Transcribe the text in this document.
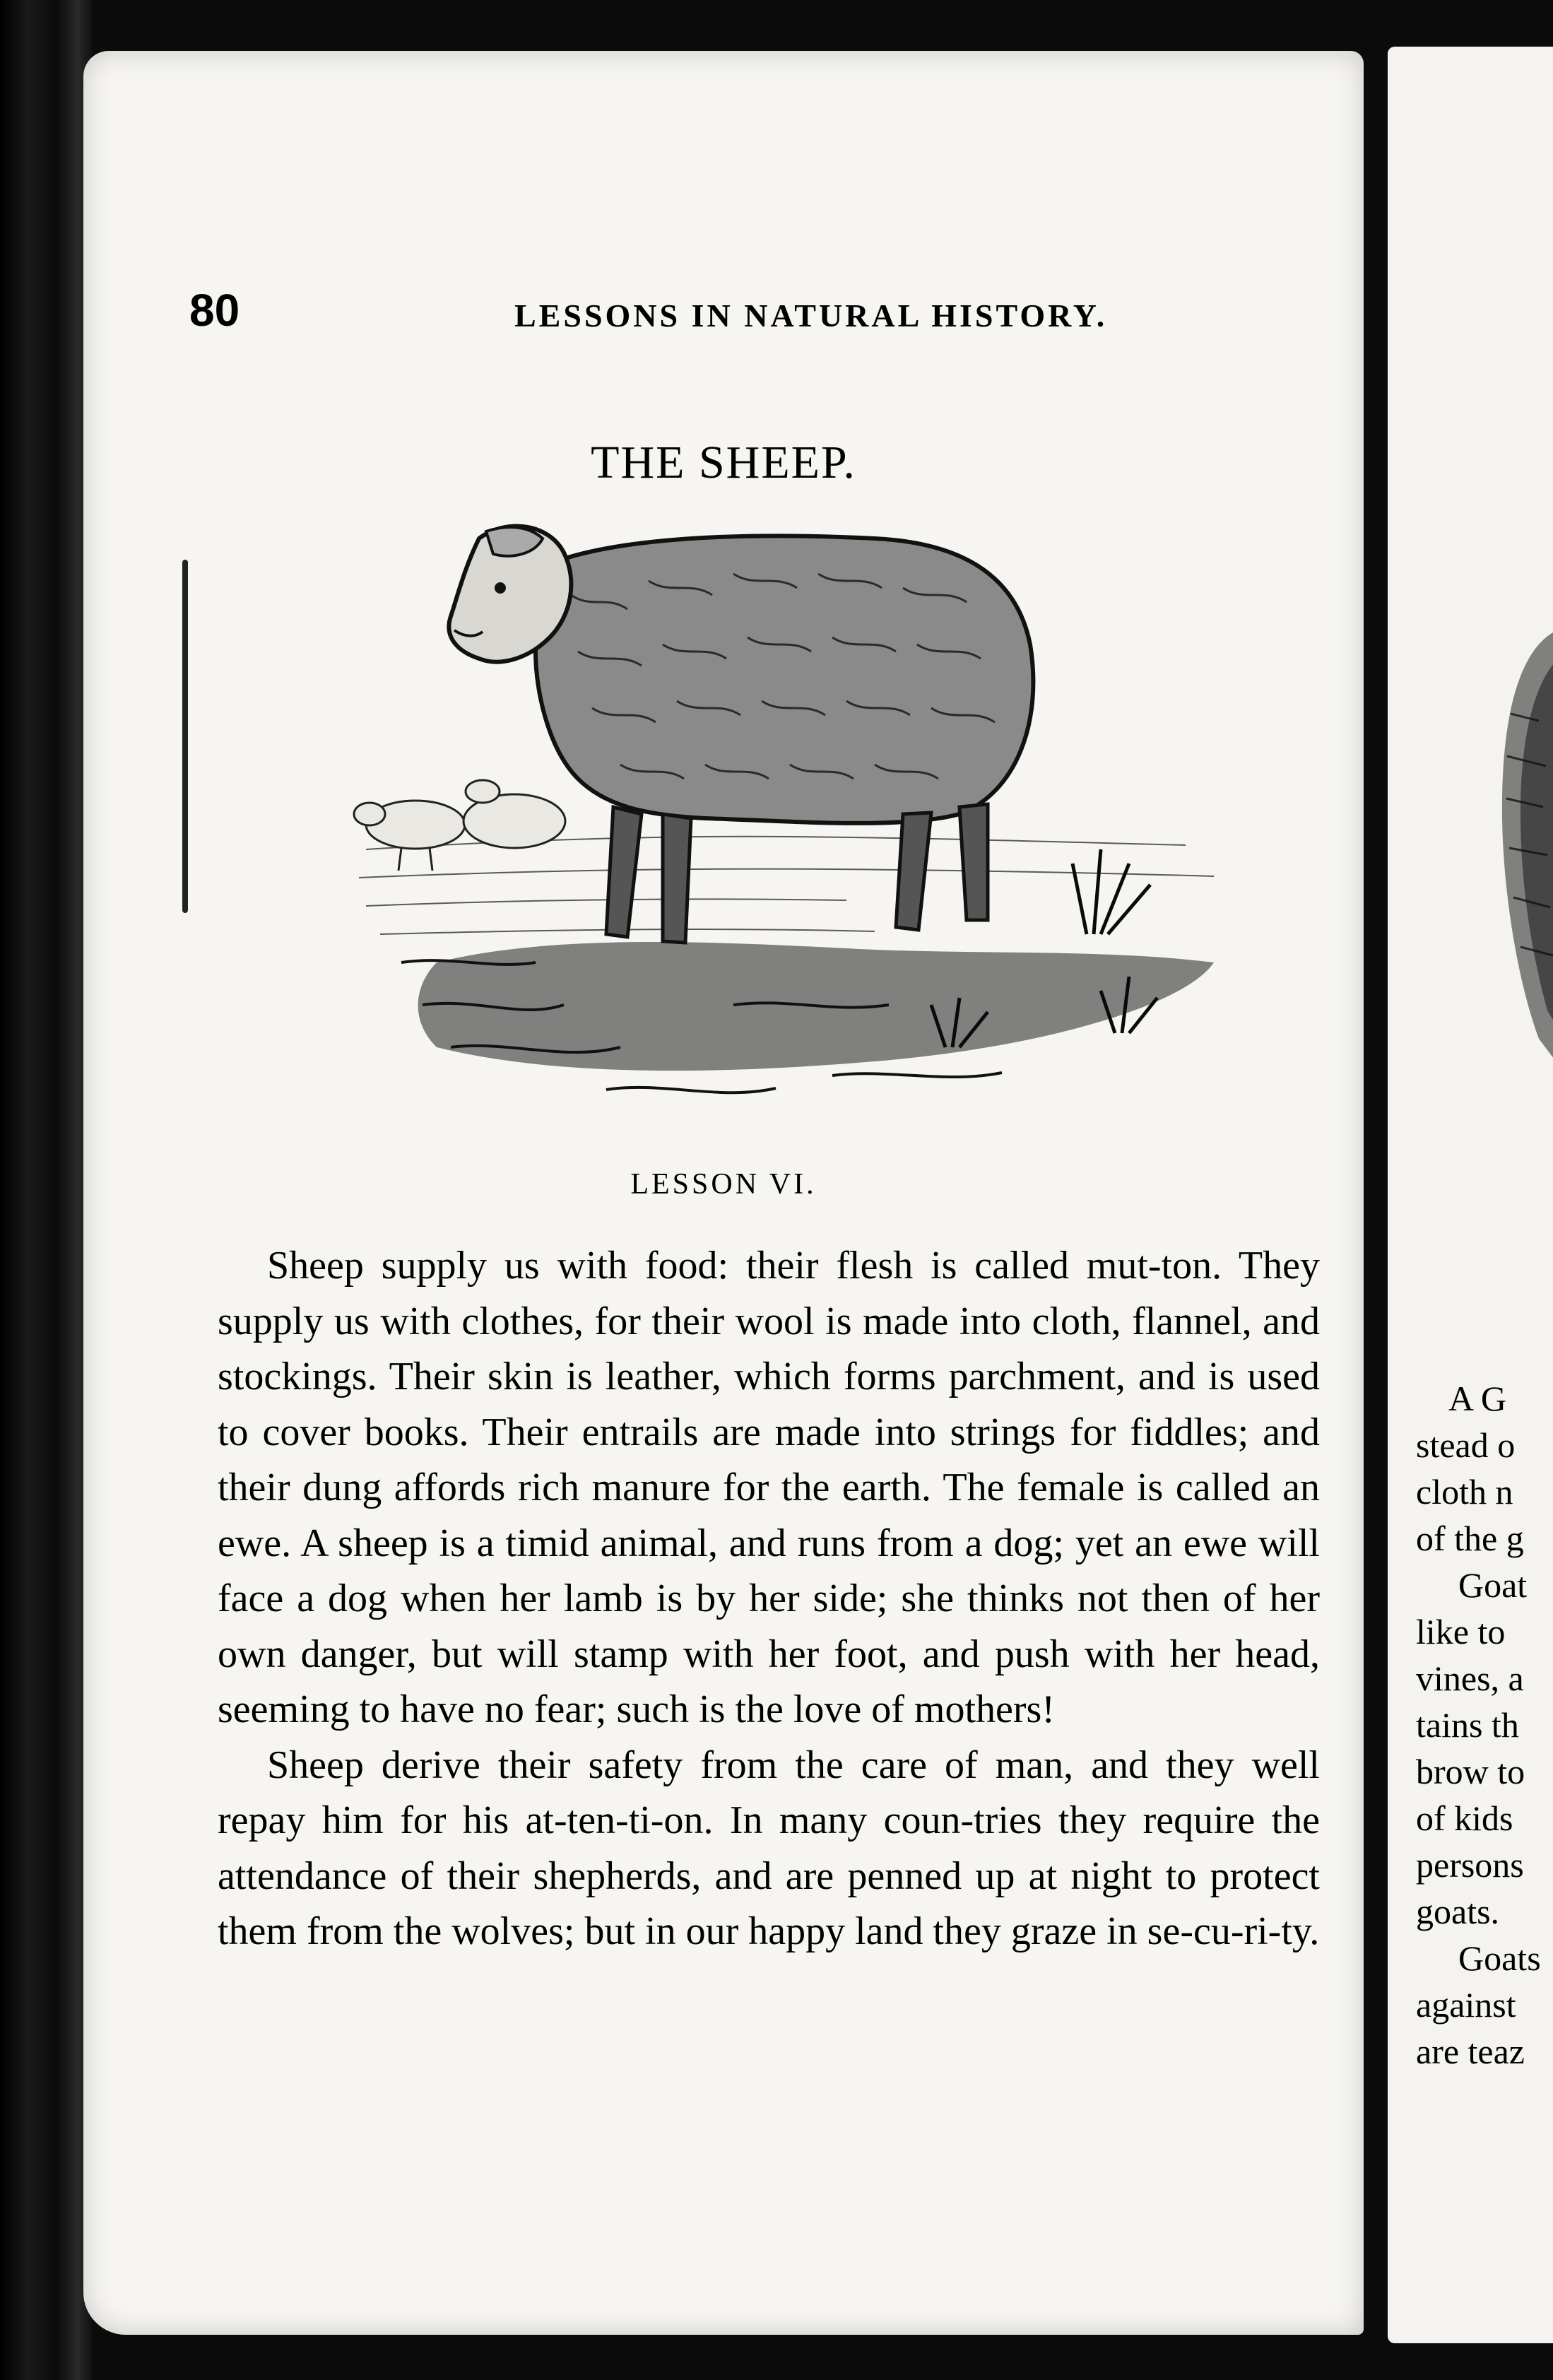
A G
stead o
cloth n
of the g
Goat
like to
vines, a
tains th
brow to
of kids
persons
goats.
Goats
against
are teaz
80	LESSONS IN NATURAL HISTORY.
THE SHEEP.
LESSON VI.

Sheep supply us with food: their flesh is called mut-ton. They supply us with clothes, for their wool is made into cloth, flannel, and stockings. Their skin is leather, which forms parchment, and is used to cover books. Their entrails are made into strings for fiddles; and their dung affords rich manure for the earth. The female is called an ewe. A sheep is a timid animal, and runs from a dog; yet an ewe will face a dog when her lamb is by her side; she thinks not then of her own danger, but will stamp with her foot, and push with her head, seeming to have no fear; such is the love of mothers!

Sheep derive their safety from the care of man, and they well repay him for his at-ten-ti-on. In many coun-tries they require the attendance of their shepherds, and are penned up at night to protect them from the wolves; but in our happy land they graze in se-cu-ri-ty.
